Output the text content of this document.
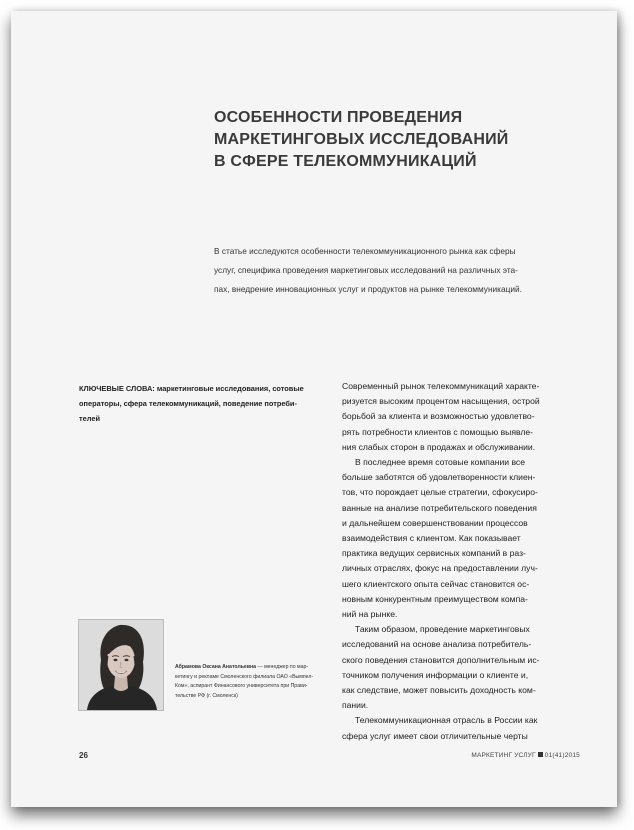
ОСОБЕННОСТИ ПРОВЕДЕНИЯ
МАРКЕТИНГОВЫХ ИССЛЕДОВАНИЙ
В СФЕРЕ ТЕЛЕКОММУНИКАЦИЙ

В статье исследуются особенности телекоммуникационного рынка как сферы
услуг, специфика проведения маркетинговых исследований на различных эта-
пах, внедрение инновационных услуг и продуктов на рынке телекоммуникаций.

КЛЮЧЕВЫЕ СЛОВА: маркетинговые исследования, сотовые
операторы, сфера телекоммуникаций, поведение потреби-
телей
Современный рынок телекоммуникаций характе-
ризуется высоким процентом насыщения, острой
борьбой за клиента и возможностью удовлетво-
рять потребности клиентов с помощью выявле-
ния слабых сторон в продажах и обслуживании.
В последнее время сотовые компании все
больше заботятся об удовлетворенности клиен-
тов, что порождает целые стратегии, сфокусиро-
ванные на анализе потребительского поведения
и дальнейшем совершенствовании процессов
взаимодействия с клиентом. Как показывает
практика ведущих сервисных компаний в раз-
личных отраслях, фокус на предоставлении луч-
шего клиентского опыта сейчас становится ос-
новным конкурентным преимуществом компа-
ний на рынке.
Таким образом, проведение маркетинговых
исследований на основе анализа потребитель-
ского поведения становится дополнительным ис-
точником получения информации о клиенте и,
как следствие, может повысить доходность ком-
пании.
Телекоммуникационная отрасль в России как
сфера услуг имеет свои отличительные черты
Абрамова Оксана Анатольевна — менеджер по мар-
кетингу и рекламе Смоленского филиала ОАО «Вымпел-
Ком», аспирант Финансового университета при Прави-
тельстве РФ (г. Смоленск)
26	МАРКЕТИНГ УСЛУГ 01(41)2015
